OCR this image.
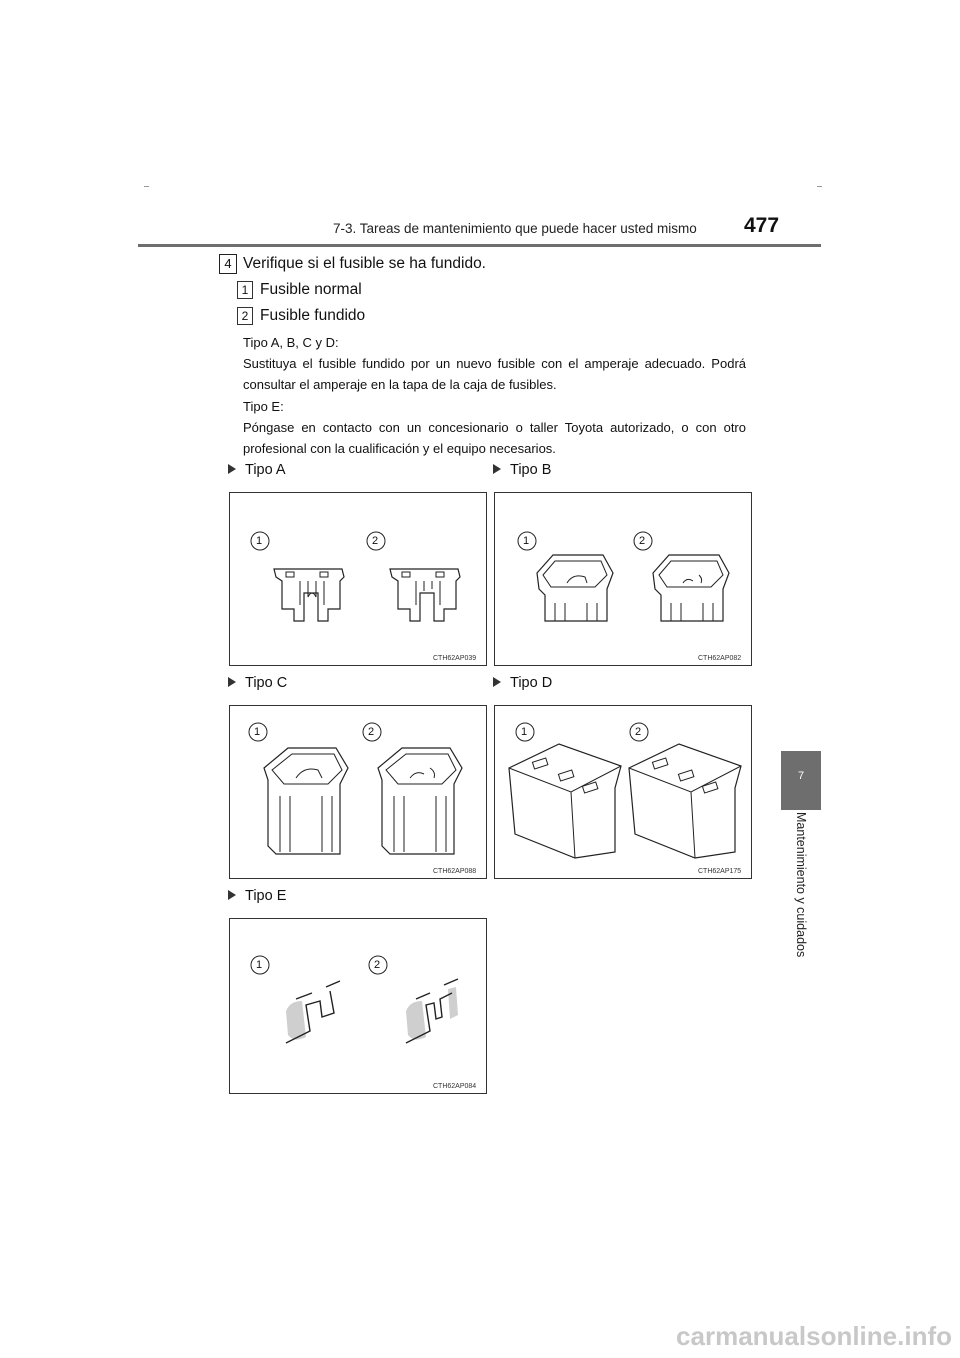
7-3. Tareas de mantenimiento que puede hacer usted mismo 477
4 Verifique si el fusible se ha fundido.
1 Fusible normal
2 Fusible fundido
Tipo A, B, C y D:
Sustituya el fusible fundido por un nuevo fusible con el amperaje adecuado. Podrá consultar el amperaje en la tapa de la caja de fusibles.
Tipo E:
Póngase en contacto con un concesionario o taller Toyota autorizado, o con otro profesional con la cualificación y el equipo necesarios.
Tipo A	Tipo B
Tipo C	Tipo D
Tipo E
1	2
CTH62AP039
1	2
CTH62AP082
1	2
CTH62AP088
1	2
CTH62AP175
1	2
CTH62AP084
7
Mantenimiento y cuidados
carmanualsonline.info
